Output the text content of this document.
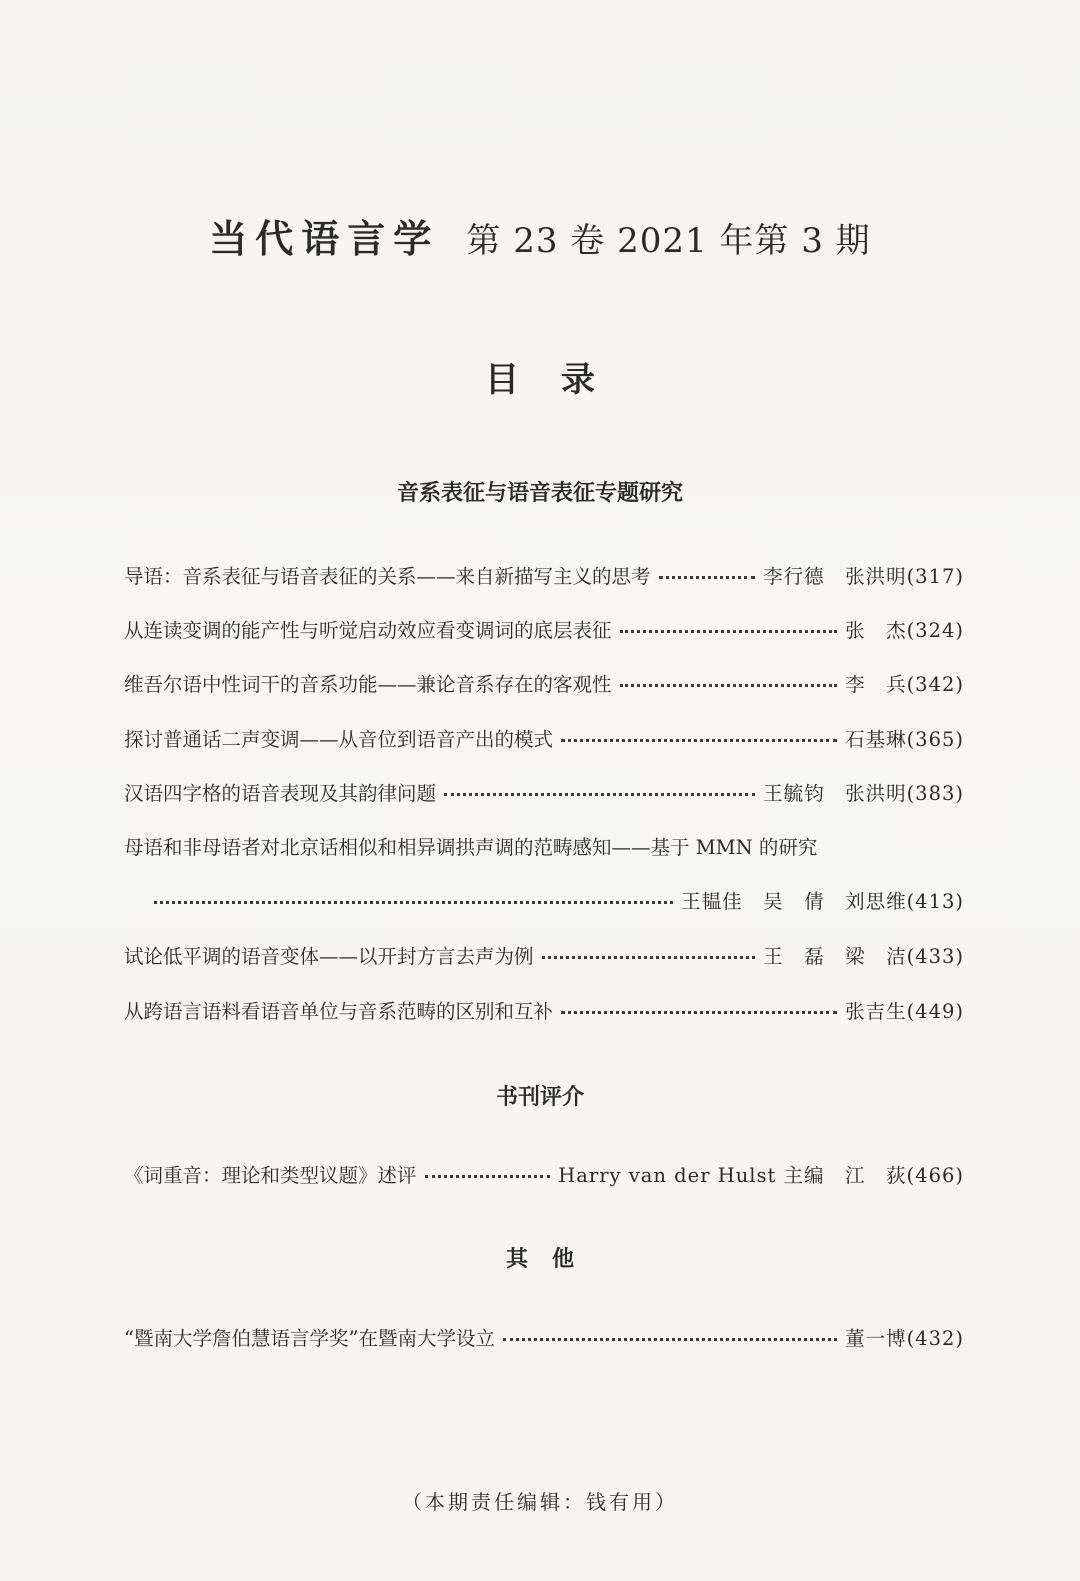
当代语言学 第 23 卷 2021 年第 3 期
目录
音系表征与语音表征专题研究
导语：音系表征与语音表征的关系——来自新描写主义的思考	李行德　张洪明(317)
从连读变调的能产性与听觉启动效应看变调词的底层表征	张　杰(324)
维吾尔语中性词干的音系功能——兼论音系存在的客观性	李　兵(342)
探讨普通话二声变调——从音位到语音产出的模式	石基琳(365)
汉语四字格的语音表现及其韵律问题	王毓钧　张洪明(383)
母语和非母语者对北京话相似和相异调拱声调的范畴感知——基于 MMN 的研究
王韫佳　吴　倩　刘思维(413)
试论低平调的语音变体——以开封方言去声为例	王　磊　梁　洁(433)
从跨语言语料看语音单位与音系范畴的区别和互补	张吉生(449)
书刊评介
《词重音：理论和类型议题》述评	Harry van der Hulst 主编　江　荻(466)
其他
“暨南大学詹伯慧语言学奖”在暨南大学设立	董一博(432)
（本期责任编辑：钱有用）
